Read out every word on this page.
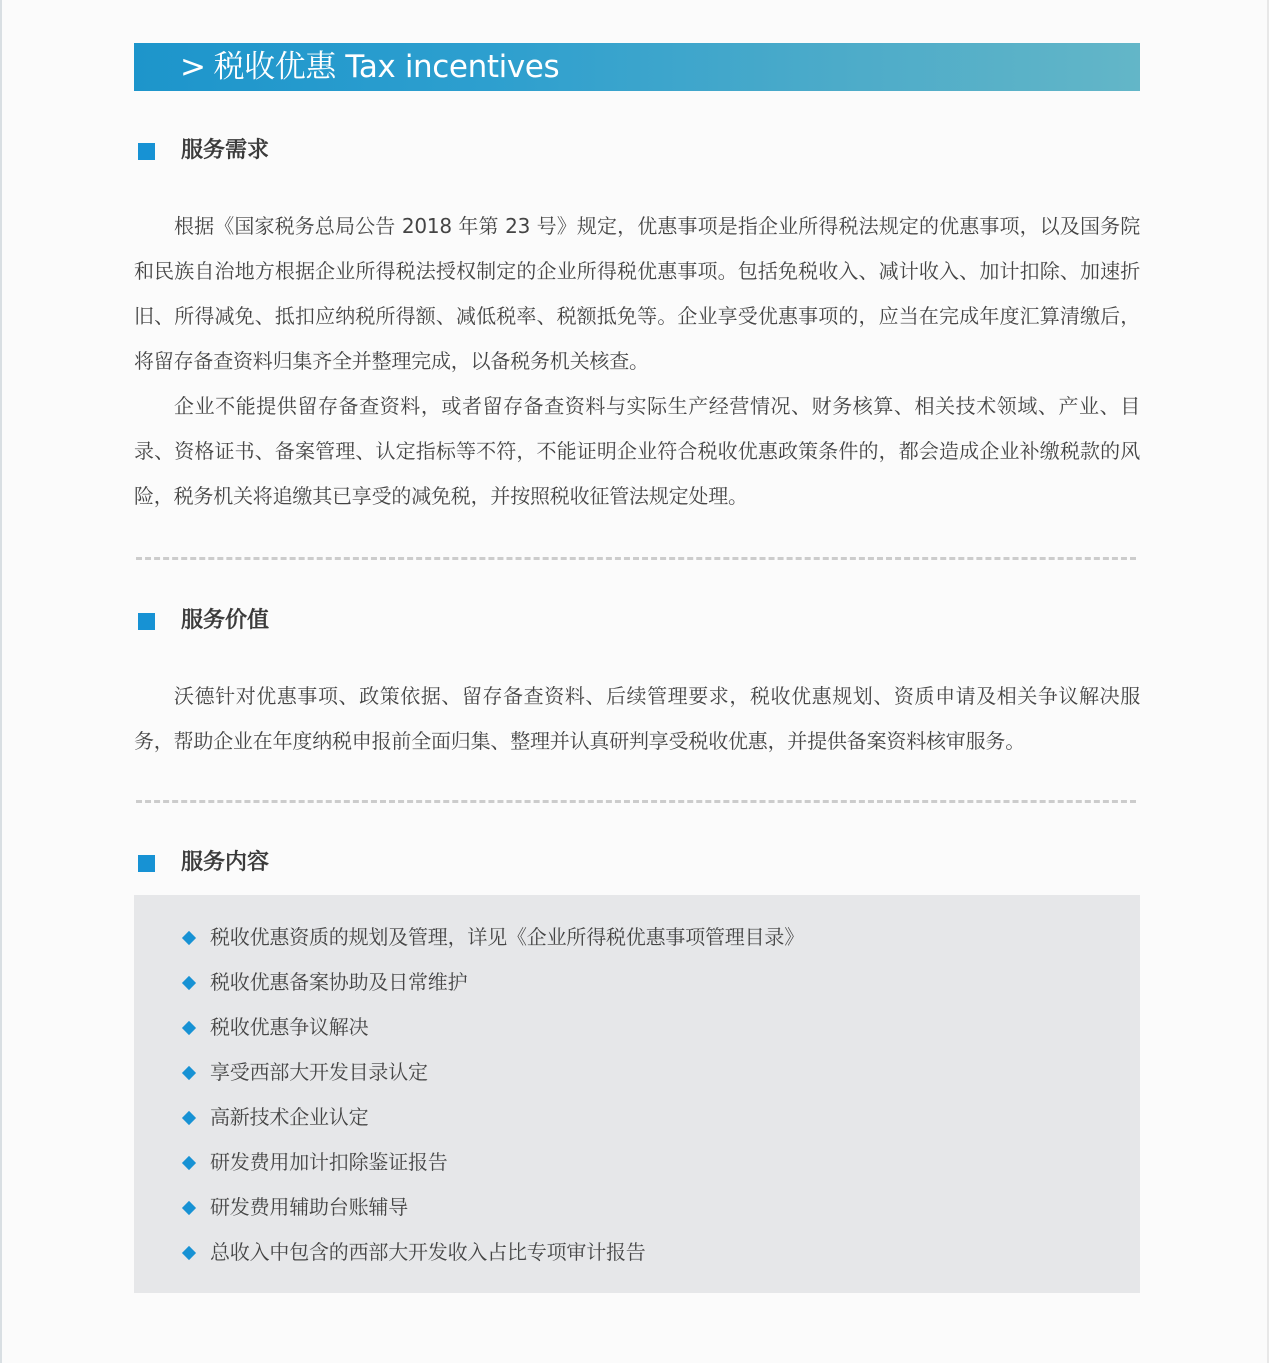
> 税收优惠 Tax incentives
服务需求

根据《国家税务总局公告 2018 年第 23 号》规定，优惠事项是指企业所得税法规定的优惠事项，以及国务院和民族自治地方根据企业所得税法授权制定的企业所得税优惠事项。包括免税收入、减计收入、加计扣除、加速折旧、所得减免、抵扣应纳税所得额、减低税率、税额抵免等。企业享受优惠事项的，应当在完成年度汇算清缴后，将留存备查资料归集齐全并整理完成，以备税务机关核查。

企业不能提供留存备查资料，或者留存备查资料与实际生产经营情况、财务核算、相关技术领域、产业、目录、资格证书、备案管理、认定指标等不符，不能证明企业符合税收优惠政策条件的，都会造成企业补缴税款的风险，税务机关将追缴其已享受的减免税，并按照税收征管法规定处理。

服务价值

沃德针对优惠事项、政策依据、留存备查资料、后续管理要求，税收优惠规划、资质申请及相关争议解决服务，帮助企业在年度纳税申报前全面归集、整理并认真研判享受税收优惠，并提供备案资料核审服务。

服务内容
税收优惠资质的规划及管理，详见《企业所得税优惠事项管理目录》
税收优惠备案协助及日常维护
税收优惠争议解决
享受西部大开发目录认定
高新技术企业认定
研发费用加计扣除鉴证报告
研发费用辅助台账辅导
总收入中包含的西部大开发收入占比专项审计报告
